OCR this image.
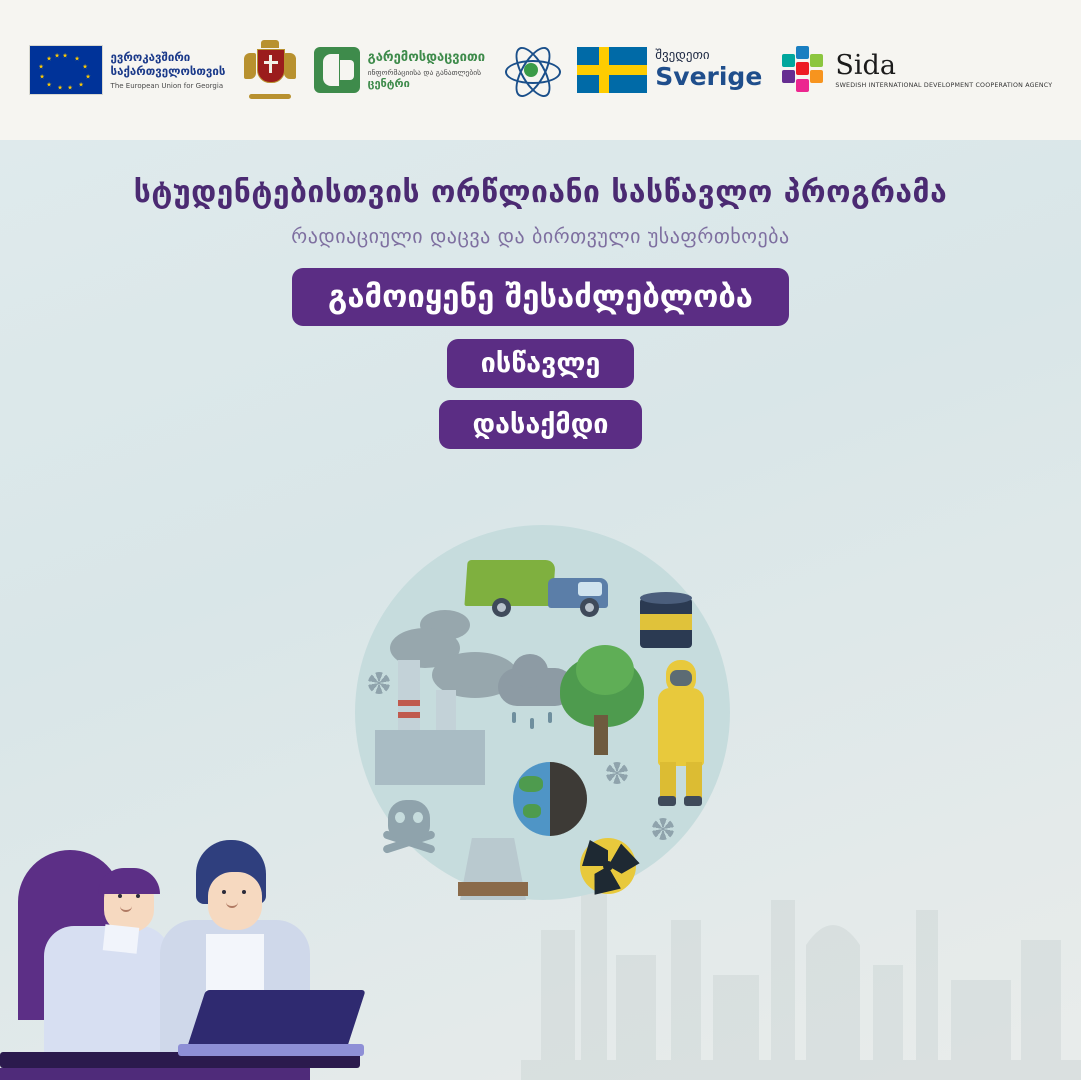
ევროკავშირი
საქართველოსთვის
The European Union for Georgia
გარემოსდაცვითი
ინფორმაციისა და განათლების
ცენტრი
შვედეთი
Sverige	Sida
SWEDISH INTERNATIONAL DEVELOPMENT COOPERATION AGENCY
სტუდენტებისთვის ორწლიანი სასწავლო პროგრამა
რადიაციული დაცვა და ბირთვული უსაფრთხოება
გამოიყენე შესაძლებლობა
ისწავლე
დასაქმდი
